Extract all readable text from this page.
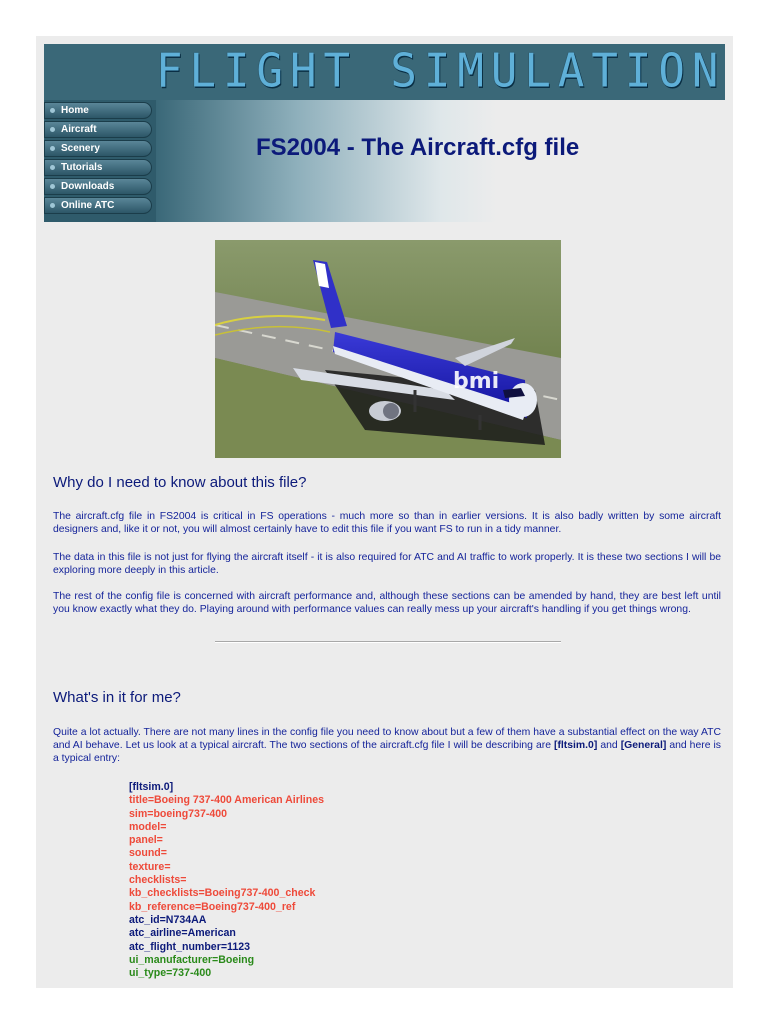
FLIGHT SIMULATION
Home
Aircraft
Scenery
Tutorials
Downloads
Online ATC
FS2004 - The Aircraft.cfg file
bmi
Why do I need to know about this file?

The aircraft.cfg file in FS2004 is critical in FS operations - much more so than in earlier versions. It is also badly written by some aircraft designers and, like it or not, you will almost certainly have to edit this file if you want FS to run in a tidy manner.

The data in this file is not just for flying the aircraft itself - it is also required for ATC and AI traffic to work properly. It is these two sections I will be exploring more deeply in this article.

The rest of the config file is concerned with aircraft performance and, although these sections can be amended by hand, they are best left until you know exactly what they do. Playing around with performance values can really mess up your aircraft's handling if you get things wrong.

What's in it for me?

Quite a lot actually. There are not many lines in the config file you need to know about but a few of them have a substantial effect on the way ATC and AI behave. Let us look at a typical aircraft. The two sections of the aircraft.cfg file I will be describing are [fltsim.0] and [General] and here is a typical entry:

[fltsim.0]
title=Boeing 737-400 American Airlines
sim=boeing737-400
model=
panel=
sound=
texture=
checklists=
kb_checklists=Boeing737-400_check
kb_reference=Boeing737-400_ref
atc_id=N734AA
atc_airline=American
atc_flight_number=1123
ui_manufacturer=Boeing
ui_type=737-400
